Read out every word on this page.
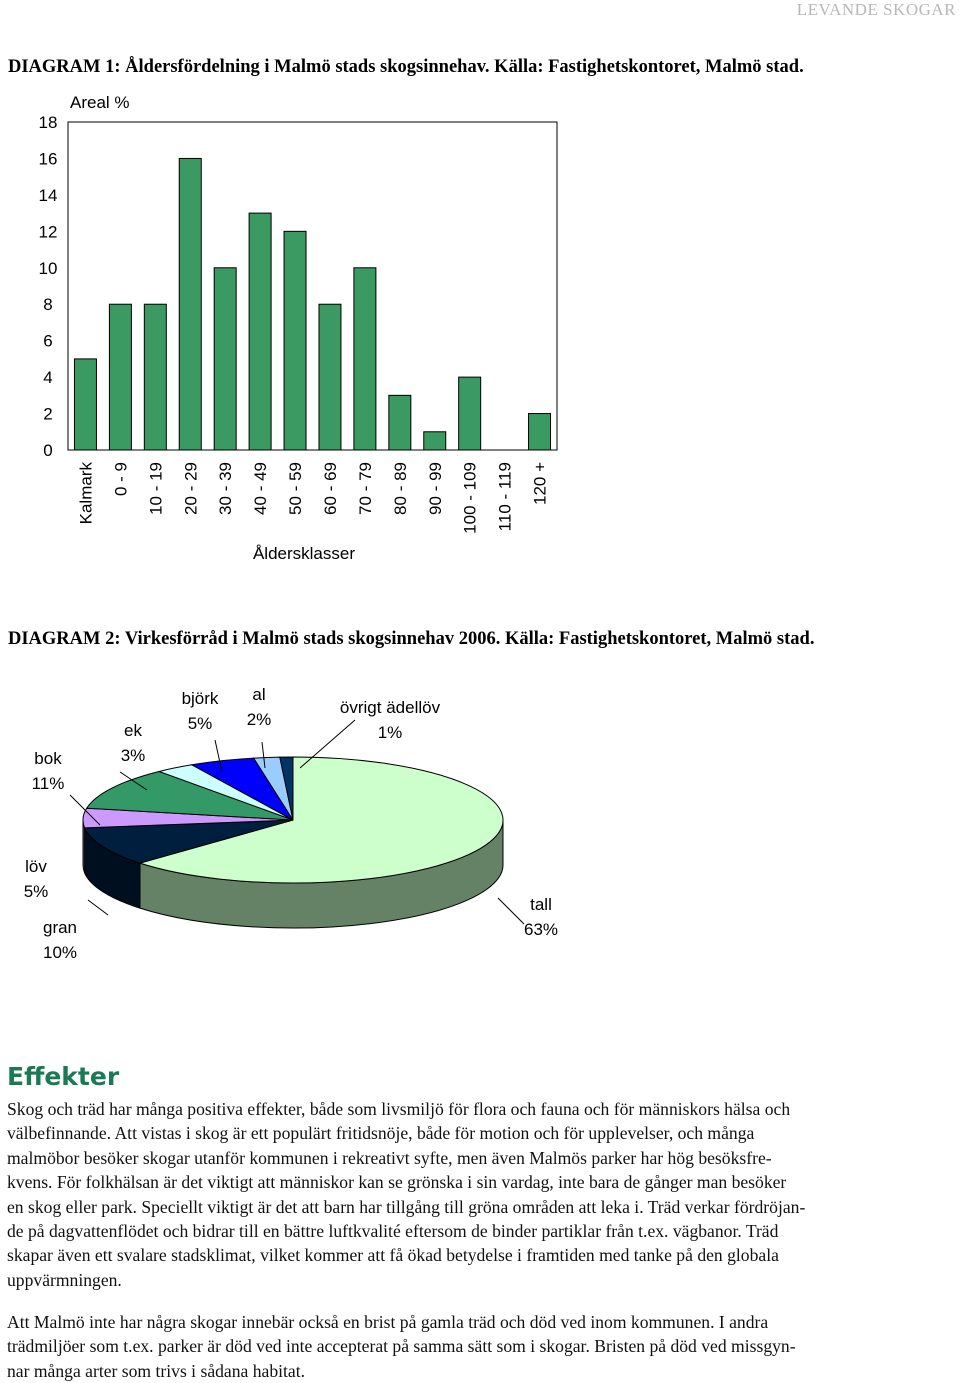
LEVANDE SKOGAR
DIAGRAM 1: Åldersfördelning i Malmö stads skogsinnehav. Källa: Fastighetskontoret, Malmö stad.
Areal %
0
2
4
6
8
10
12
14
16
18
Kalmark 0 - 9 10 - 19 20 - 29 30 - 39 40 - 49 50 - 59 60 - 69 70 - 79 80 - 89 90 - 99 100 - 109 110 - 119 120 +
Åldersklasser
DIAGRAM 2: Virkesförråd i Malmö stads skogsinnehav 2006. Källa: Fastighetskontoret, Malmö stad.
tall
63%
gran
10%
löv
5%
bok
11%
ek
3%
björk
5%
al
2%
övrigt ädellöv
1%
Effekter
Skog och träd har många positiva effekter, både som livsmiljö för flora och fauna och för människors hälsa och
välbefinnande. Att vistas i skog är ett populärt fritidsnöje, både för motion och för upplevelser, och många
malmöbor besöker skogar utanför kommunen i rekreativt syfte, men även Malmös parker har hög besöksfre-
kvens. För folkhälsan är det viktigt att människor kan se grönska i sin vardag, inte bara de gånger man besöker
en skog eller park. Speciellt viktigt är det att barn har tillgång till gröna områden att leka i. Träd verkar fördröjan-
de på dagvattenflödet och bidrar till en bättre luftkvalité eftersom de binder partiklar från t.ex. vägbanor. Träd
skapar även ett svalare stadsklimat, vilket kommer att få ökad betydelse i framtiden med tanke på den globala
uppvärmningen.
Att Malmö inte har några skogar innebär också en brist på gamla träd och död ved inom kommunen. I andra
trädmiljöer som t.ex. parker är död ved inte accepterat på samma sätt som i skogar. Bristen på död ved missgyn-
nar många arter som trivs i sådana habitat.
